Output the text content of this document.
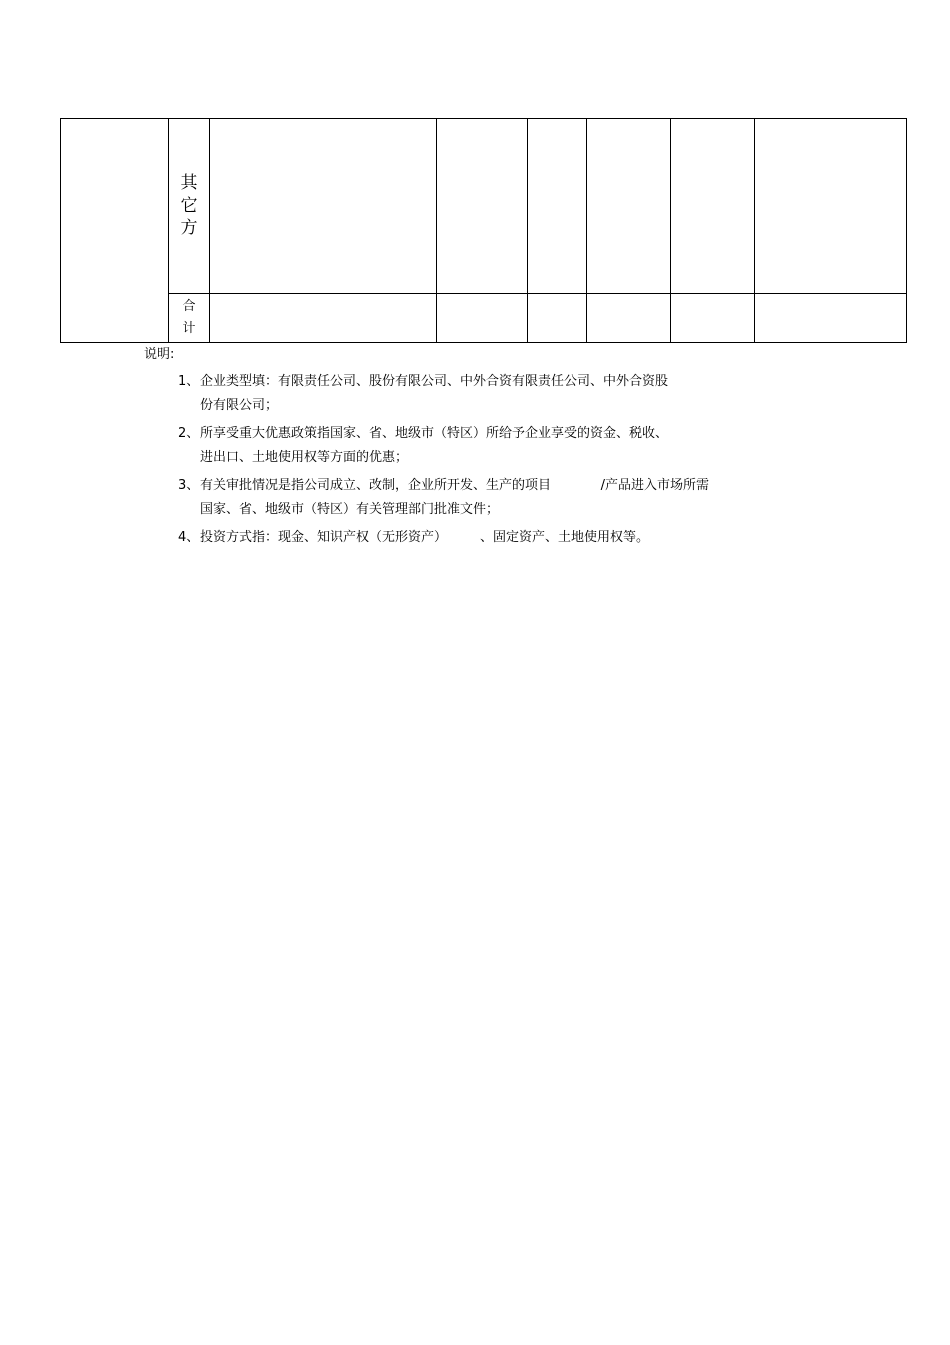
	其
它
方						

	合
计						

说明:
1、 企业类型填：有限责任公司、股份有限公司、中外合资有限责任公司、中外合资股
份有限公司；
2、 所享受重大优惠政策指国家、省、地级市（特区）所给予企业享受的资金、税收、
进出口、土地使用权等方面的优惠；
3、 有关审批情况是指公司成立、改制，企业所开发、生产的项目            /产品进入市场所需
国家、省、地级市（特区）有关管理部门批准文件；
4、 投资方式指：现金、知识产权（无形资产）        、固定资产、土地使用权等。
